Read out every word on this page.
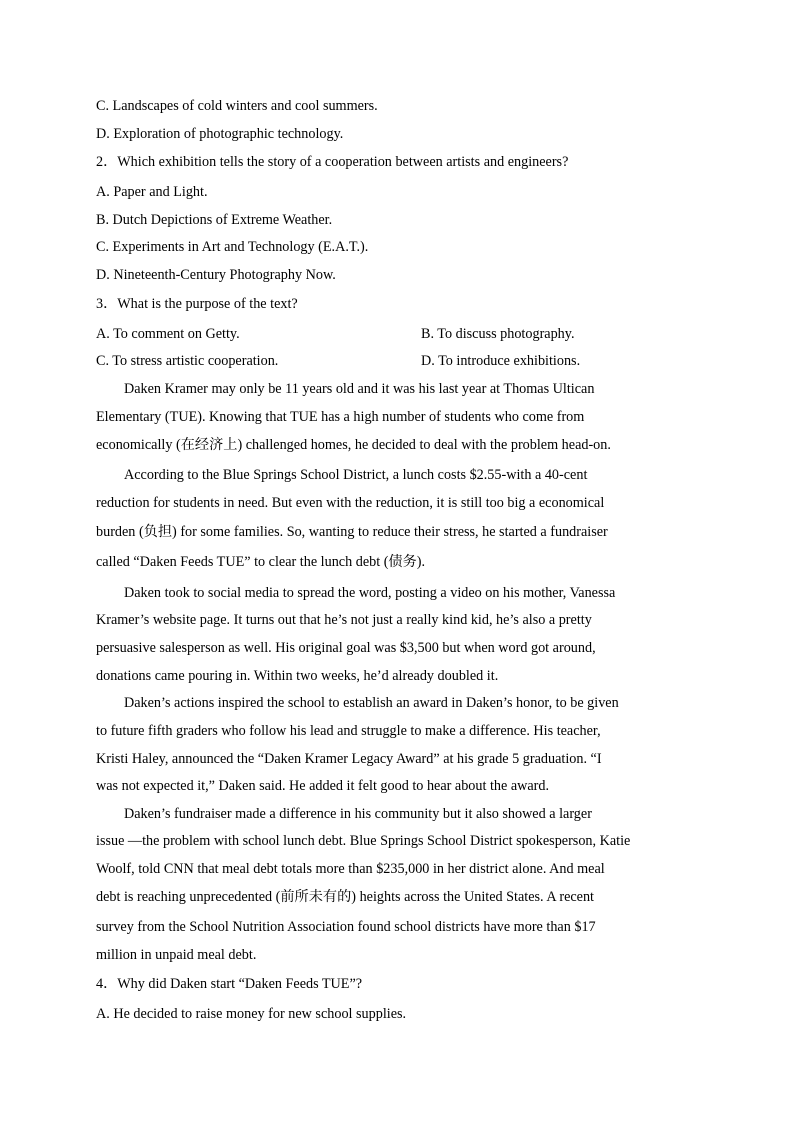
C. Landscapes of cold winters and cool summers.
D. Exploration of photographic technology.
2．Which exhibition tells the story of a cooperation between artists and engineers?
A. Paper and Light.
B. Dutch Depictions of Extreme Weather.
C. Experiments in Art and Technology (E.A.T.).
D. Nineteenth-Century Photography Now.
3．What is the purpose of the text?
A. To comment on Getty.	B. To discuss photography.
C. To stress artistic cooperation.	D. To introduce exhibitions.
Daken Kramer may only be 11 years old and it was his last year at Thomas Ultican
Elementary (TUE). Knowing that TUE has a high number of students who come from
economically (在经济上) challenged homes, he decided to deal with the problem head-on.
According to the Blue Springs School District, a lunch costs $2.55-with a 40-cent
reduction for students in need. But even with the reduction, it is still too big a economical
burden (负担) for some families. So, wanting to reduce their stress, he started a fundraiser
called “Daken Feeds TUE” to clear the lunch debt (债务).
Daken took to social media to spread the word, posting a video on his mother, Vanessa
Kramer’s website page. It turns out that he’s not just a really kind kid, he’s also a pretty
persuasive salesperson as well. His original goal was $3,500 but when word got around,
donations came pouring in. Within two weeks, he’d already doubled it.
Daken’s actions inspired the school to establish an award in Daken’s honor, to be given
to future fifth graders who follow his lead and struggle to make a difference. His teacher,
Kristi Haley, announced the “Daken Kramer Legacy Award” at his grade 5 graduation. “I
was not expected it,” Daken said. He added it felt good to hear about the award.
Daken’s fundraiser made a difference in his community but it also showed a larger
issue —the problem with school lunch debt. Blue Springs School District spokesperson, Katie
Woolf, told CNN that meal debt totals more than $235,000 in her district alone. And meal
debt is reaching unprecedented (前所未有的) heights across the United States. A recent
survey from the School Nutrition Association found school districts have more than $17
million in unpaid meal debt.
4．Why did Daken start “Daken Feeds TUE”?
A. He decided to raise money for new school supplies.
